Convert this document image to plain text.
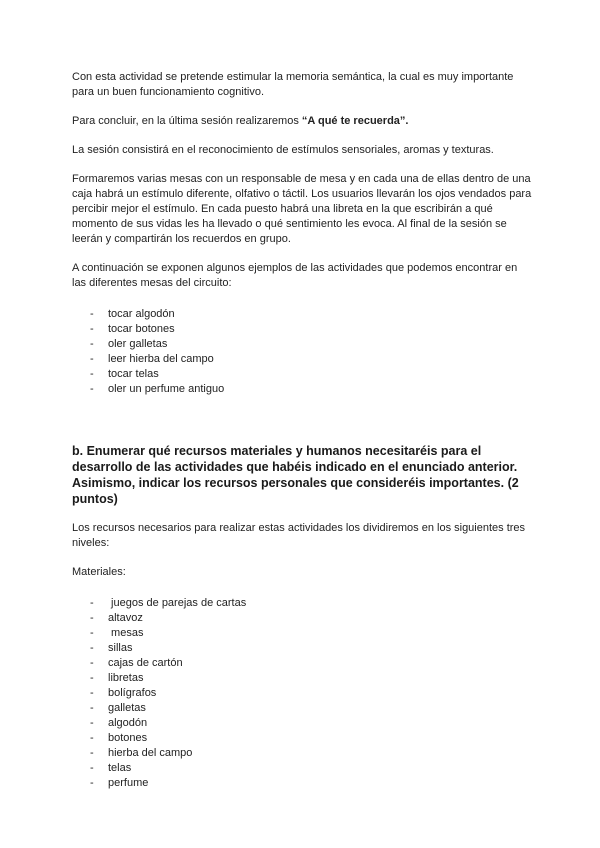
Con esta actividad se pretende estimular la memoria semántica, la cual es muy importante para un buen funcionamiento cognitivo.

Para concluir, en la última sesión realizaremos “A qué te recuerda”.

La sesión consistirá en el reconocimiento de estímulos sensoriales, aromas y texturas.

Formaremos varias mesas con un responsable de mesa y en cada una de ellas dentro de una caja habrá un estímulo diferente, olfativo o táctil. Los usuarios llevarán los ojos vendados para percibir mejor el estímulo. En cada puesto habrá una libreta en la que escribirán a qué momento de sus vidas les ha llevado o qué sentimiento les evoca. Al final de la sesión se leerán y compartirán los recuerdos en grupo.

A continuación se exponen algunos ejemplos de las actividades que podemos encontrar en las diferentes mesas del circuito:

- tocar algodón
- tocar botones
- oler galletas
- leer hierba del campo
- tocar telas
- oler un perfume antiguo
b. Enumerar qué recursos materiales y humanos necesitaréis para el desarrollo de las actividades que habéis indicado en el enunciado anterior. Asimismo, indicar los recursos personales que consideréis importantes. (2 puntos)

Los recursos necesarios para realizar estas actividades los dividiremos en los siguientes tres niveles:

Materiales:

- juegos de parejas de cartas
- altavoz
- mesas
- sillas
- cajas de cartón
- libretas
- bolígrafos
- galletas
- algodón
- botones
- hierba del campo
- telas
- perfume
